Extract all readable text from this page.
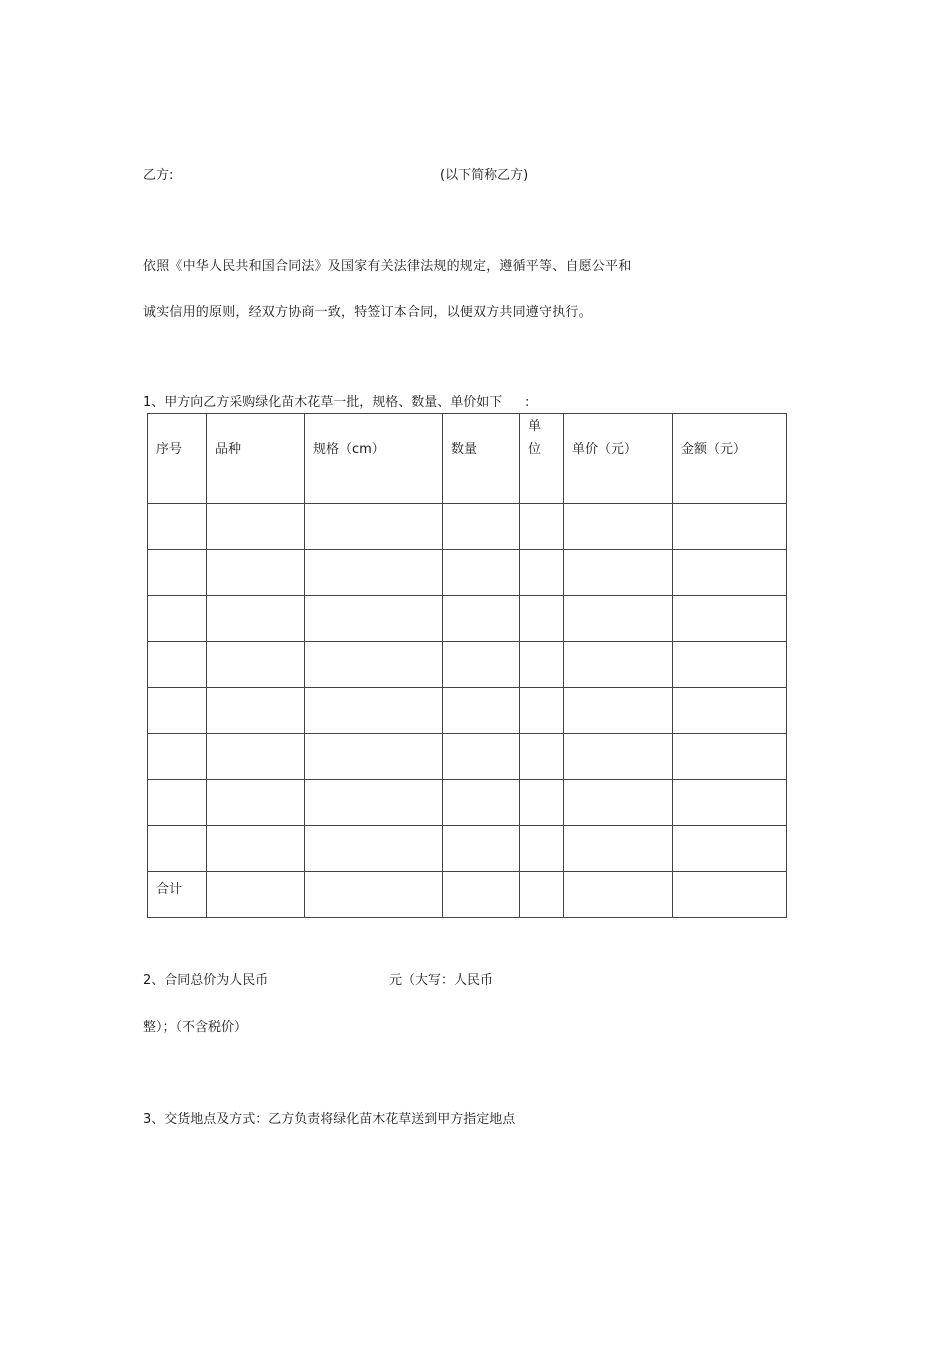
乙方:	(以下简称乙方)
依照《中华人民共和国合同法》及国家有关法律法规的规定，遵循平等、自愿公平和
诚实信用的原则，经双方协商一致，特签订本合同，以便双方共同遵守执行。
1、甲方向乙方采购绿化苗木花草一批，规格、数量、单价如下 :
序号	品种	规格（cm）	数量	单位	单价（元）	金额（元）

合计						

2、合同总价为人民币	元（大写：人民币
整）；（不含税价）
3、交货地点及方式：乙方负责将绿化苗木花草送到甲方指定地点
